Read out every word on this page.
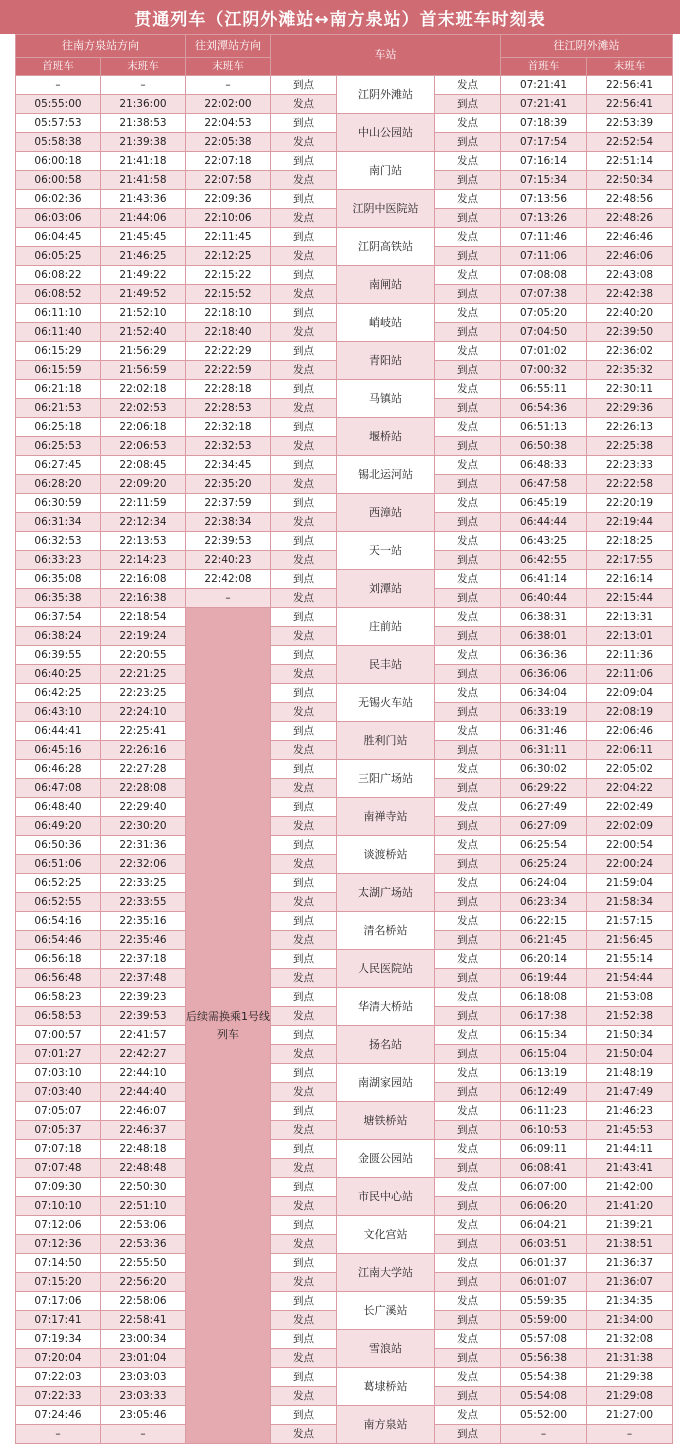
贯通列车（江阴外滩站↔南方泉站）首末班车时刻表
往南方泉站方向		往刘潭站方向	车站			往江阴外滩站	
首班车	末班车	末班车				首班车	末班车
–	–	–	到点	江阴外滩站	发点	07:21:41	22:56:41
05:55:00	21:36:00	22:02:00	发点		到点	07:21:41	22:56:41
05:57:53	21:38:53	22:04:53	到点	中山公园站	发点	07:18:39	22:53:39
05:58:38	21:39:38	22:05:38	发点		到点	07:17:54	22:52:54
06:00:18	21:41:18	22:07:18	到点	南门站	发点	07:16:14	22:51:14
06:00:58	21:41:58	22:07:58	发点		到点	07:15:34	22:50:34
06:02:36	21:43:36	22:09:36	到点	江阴中医院站	发点	07:13:56	22:48:56
06:03:06	21:44:06	22:10:06	发点		到点	07:13:26	22:48:26
06:04:45	21:45:45	22:11:45	到点	江阴高铁站	发点	07:11:46	22:46:46
06:05:25	21:46:25	22:12:25	发点		到点	07:11:06	22:46:06
06:08:22	21:49:22	22:15:22	到点	南闸站	发点	07:08:08	22:43:08
06:08:52	21:49:52	22:15:52	发点		到点	07:07:38	22:42:38
06:11:10	21:52:10	22:18:10	到点	峭岐站	发点	07:05:20	22:40:20
06:11:40	21:52:40	22:18:40	发点		到点	07:04:50	22:39:50
06:15:29	21:56:29	22:22:29	到点	青阳站	发点	07:01:02	22:36:02
06:15:59	21:56:59	22:22:59	发点		到点	07:00:32	22:35:32
06:21:18	22:02:18	22:28:18	到点	马镇站	发点	06:55:11	22:30:11
06:21:53	22:02:53	22:28:53	发点		到点	06:54:36	22:29:36
06:25:18	22:06:18	22:32:18	到点	堰桥站	发点	06:51:13	22:26:13
06:25:53	22:06:53	22:32:53	发点		到点	06:50:38	22:25:38
06:27:45	22:08:45	22:34:45	到点	锡北运河站	发点	06:48:33	22:23:33
06:28:20	22:09:20	22:35:20	发点		到点	06:47:58	22:22:58
06:30:59	22:11:59	22:37:59	到点	西漳站	发点	06:45:19	22:20:19
06:31:34	22:12:34	22:38:34	发点		到点	06:44:44	22:19:44
06:32:53	22:13:53	22:39:53	到点	天一站	发点	06:43:25	22:18:25
06:33:23	22:14:23	22:40:23	发点		到点	06:42:55	22:17:55
06:35:08	22:16:08	22:42:08	到点	刘潭站	发点	06:41:14	22:16:14
06:35:38	22:16:38	–	发点		到点	06:40:44	22:15:44
06:37:54	22:18:54	后续需换乘1号线列车	到点	庄前站	发点	06:38:31	22:13:31
06:38:24	22:19:24		发点		到点	06:38:01	22:13:01
06:39:55	22:20:55		到点	民丰站	发点	06:36:36	22:11:36
06:40:25	22:21:25		发点		到点	06:36:06	22:11:06
06:42:25	22:23:25		到点	无锡火车站	发点	06:34:04	22:09:04
06:43:10	22:24:10		发点		到点	06:33:19	22:08:19
06:44:41	22:25:41		到点	胜利门站	发点	06:31:46	22:06:46
06:45:16	22:26:16		发点		到点	06:31:11	22:06:11
06:46:28	22:27:28		到点	三阳广场站	发点	06:30:02	22:05:02
06:47:08	22:28:08		发点		到点	06:29:22	22:04:22
06:48:40	22:29:40		到点	南禅寺站	发点	06:27:49	22:02:49
06:49:20	22:30:20		发点		到点	06:27:09	22:02:09
06:50:36	22:31:36		到点	谈渡桥站	发点	06:25:54	22:00:54
06:51:06	22:32:06		发点		到点	06:25:24	22:00:24
06:52:25	22:33:25		到点	太湖广场站	发点	06:24:04	21:59:04
06:52:55	22:33:55		发点		到点	06:23:34	21:58:34
06:54:16	22:35:16		到点	清名桥站	发点	06:22:15	21:57:15
06:54:46	22:35:46		发点		到点	06:21:45	21:56:45
06:56:18	22:37:18		到点	人民医院站	发点	06:20:14	21:55:14
06:56:48	22:37:48		发点		到点	06:19:44	21:54:44
06:58:23	22:39:23		到点	华清大桥站	发点	06:18:08	21:53:08
06:58:53	22:39:53		发点		到点	06:17:38	21:52:38
07:00:57	22:41:57		到点	扬名站	发点	06:15:34	21:50:34
07:01:27	22:42:27		发点		到点	06:15:04	21:50:04
07:03:10	22:44:10		到点	南湖家园站	发点	06:13:19	21:48:19
07:03:40	22:44:40		发点		到点	06:12:49	21:47:49
07:05:07	22:46:07		到点	塘铁桥站	发点	06:11:23	21:46:23
07:05:37	22:46:37		发点		到点	06:10:53	21:45:53
07:07:18	22:48:18		到点	金匮公园站	发点	06:09:11	21:44:11
07:07:48	22:48:48		发点		到点	06:08:41	21:43:41
07:09:30	22:50:30		到点	市民中心站	发点	06:07:00	21:42:00
07:10:10	22:51:10		发点		到点	06:06:20	21:41:20
07:12:06	22:53:06		到点	文化宫站	发点	06:04:21	21:39:21
07:12:36	22:53:36		发点		到点	06:03:51	21:38:51
07:14:50	22:55:50		到点	江南大学站	发点	06:01:37	21:36:37
07:15:20	22:56:20		发点		到点	06:01:07	21:36:07
07:17:06	22:58:06		到点	长广溪站	发点	05:59:35	21:34:35
07:17:41	22:58:41		发点		到点	05:59:00	21:34:00
07:19:34	23:00:34		到点	雪浪站	发点	05:57:08	21:32:08
07:20:04	23:01:04		发点		到点	05:56:38	21:31:38
07:22:03	23:03:03		到点	葛埭桥站	发点	05:54:38	21:29:38
07:22:33	23:03:33		发点		到点	05:54:08	21:29:08
07:24:46	23:05:46		到点	南方泉站	发点	05:52:00	21:27:00
–	–		发点		到点	–	–
